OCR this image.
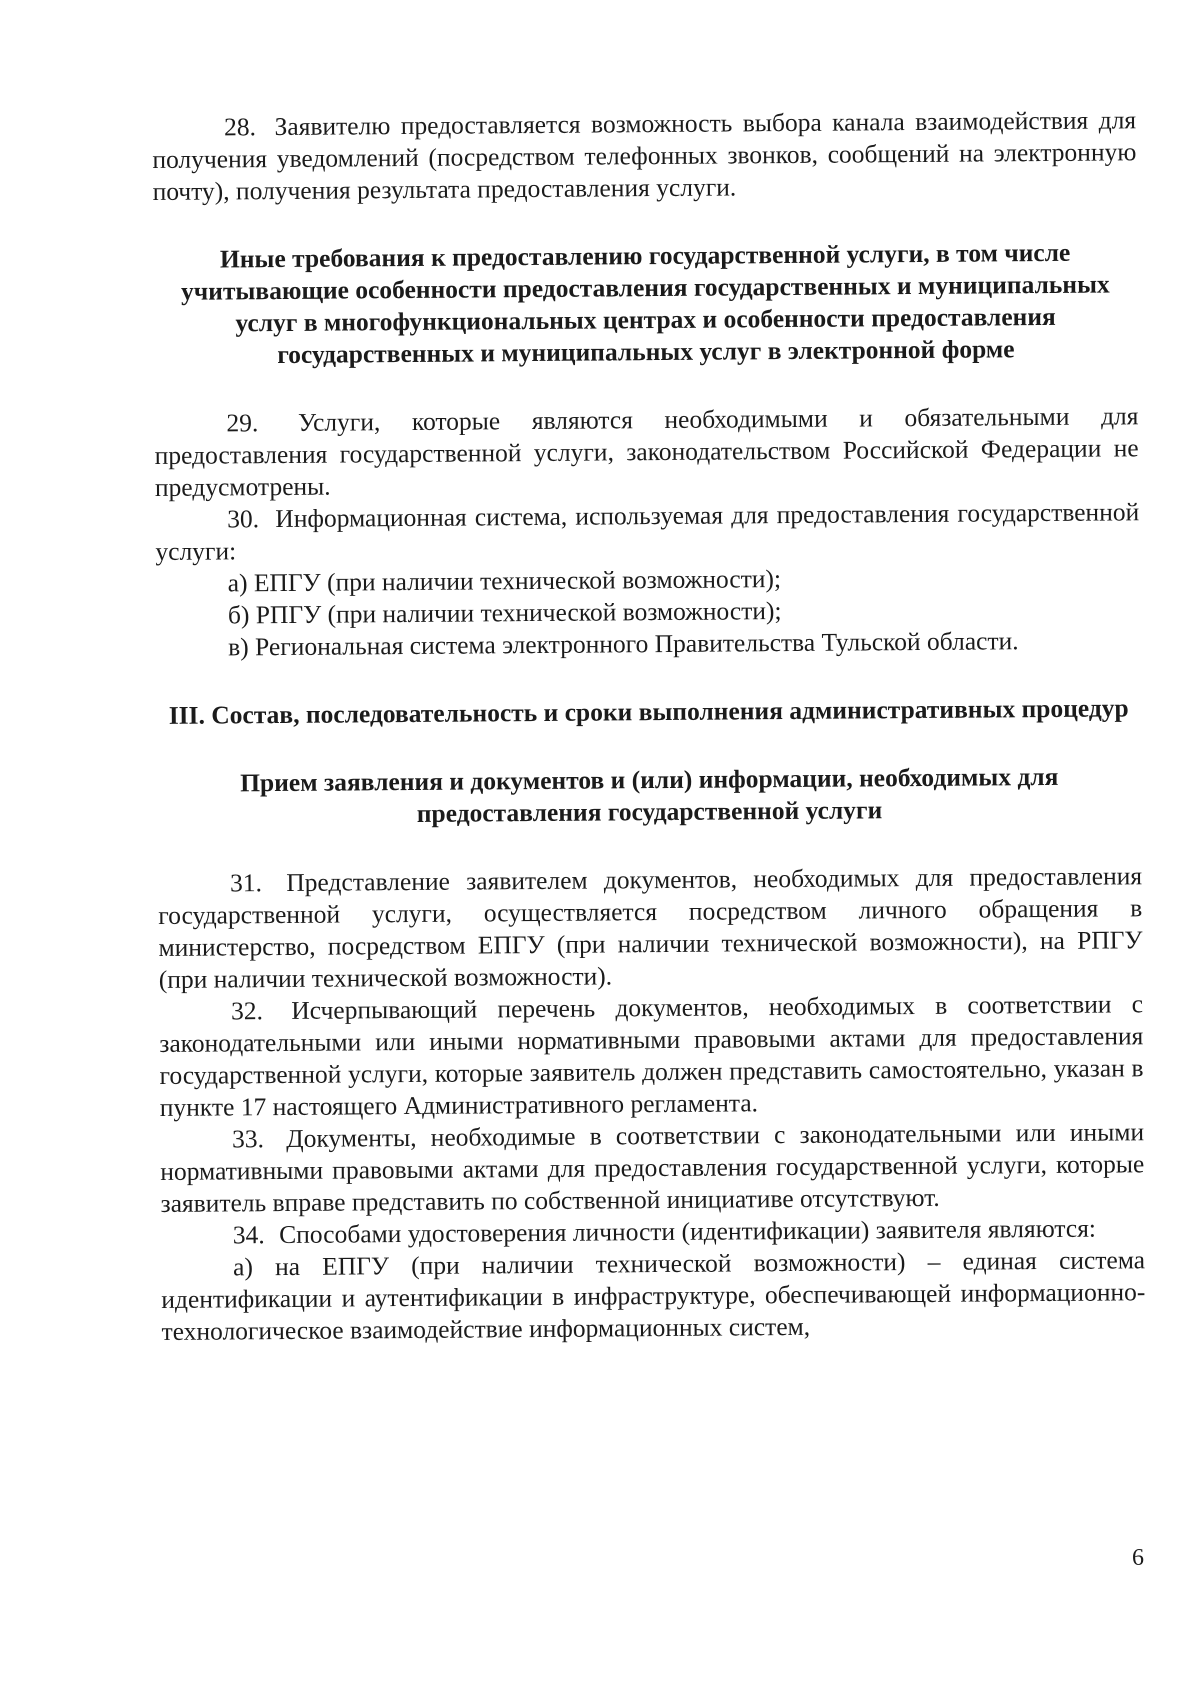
28. Заявителю предоставляется возможность выбора канала взаимодействия для получения уведомлений (посредством телефонных звонков, сообщений на электронную почту), получения результата предоставления услуги.

Иные требования к предоставлению государственной услуги, в том числе учитывающие особенности предоставления государственных и муниципальных услуг в многофункциональных центрах и особенности предоставления государственных и муниципальных услуг в электронной форме

29. Услуги, которые являются необходимыми и обязательными для предоставления государственной услуги, законодательством Российской Федерации не предусмотрены.

30. Информационная система, используемая для предоставления государственной услуги:

а) ЕПГУ (при наличии технической возможности);

б) РПГУ (при наличии технической возможности);

в) Региональная система электронного Правительства Тульской области.

III. Состав, последовательность и сроки выполнения административных процедур

Прием заявления и документов и (или) информации, необходимых для предоставления государственной услуги

31. Представление заявителем документов, необходимых для предоставления государственной услуги, осуществляется посредством личного обращения в министерство, посредством ЕПГУ (при наличии технической возможности), на РПГУ (при наличии технической возможности).

32. Исчерпывающий перечень документов, необходимых в соответствии с законодательными или иными нормативными правовыми актами для предоставления государственной услуги, которые заявитель должен представить самостоятельно, указан в пункте 17 настоящего Административного регламента.

33. Документы, необходимые в соответствии с законодательными или иными нормативными правовыми актами для предоставления государственной услуги, которые заявитель вправе представить по собственной инициативе отсутствуют.

34. Способами удостоверения личности (идентификации) заявителя являются:

а) на ЕПГУ (при наличии технической возможности) – единая система идентификации и аутентификации в инфраструктуре, обеспечивающей информационно-технологическое взаимодействие информационных систем,

6
